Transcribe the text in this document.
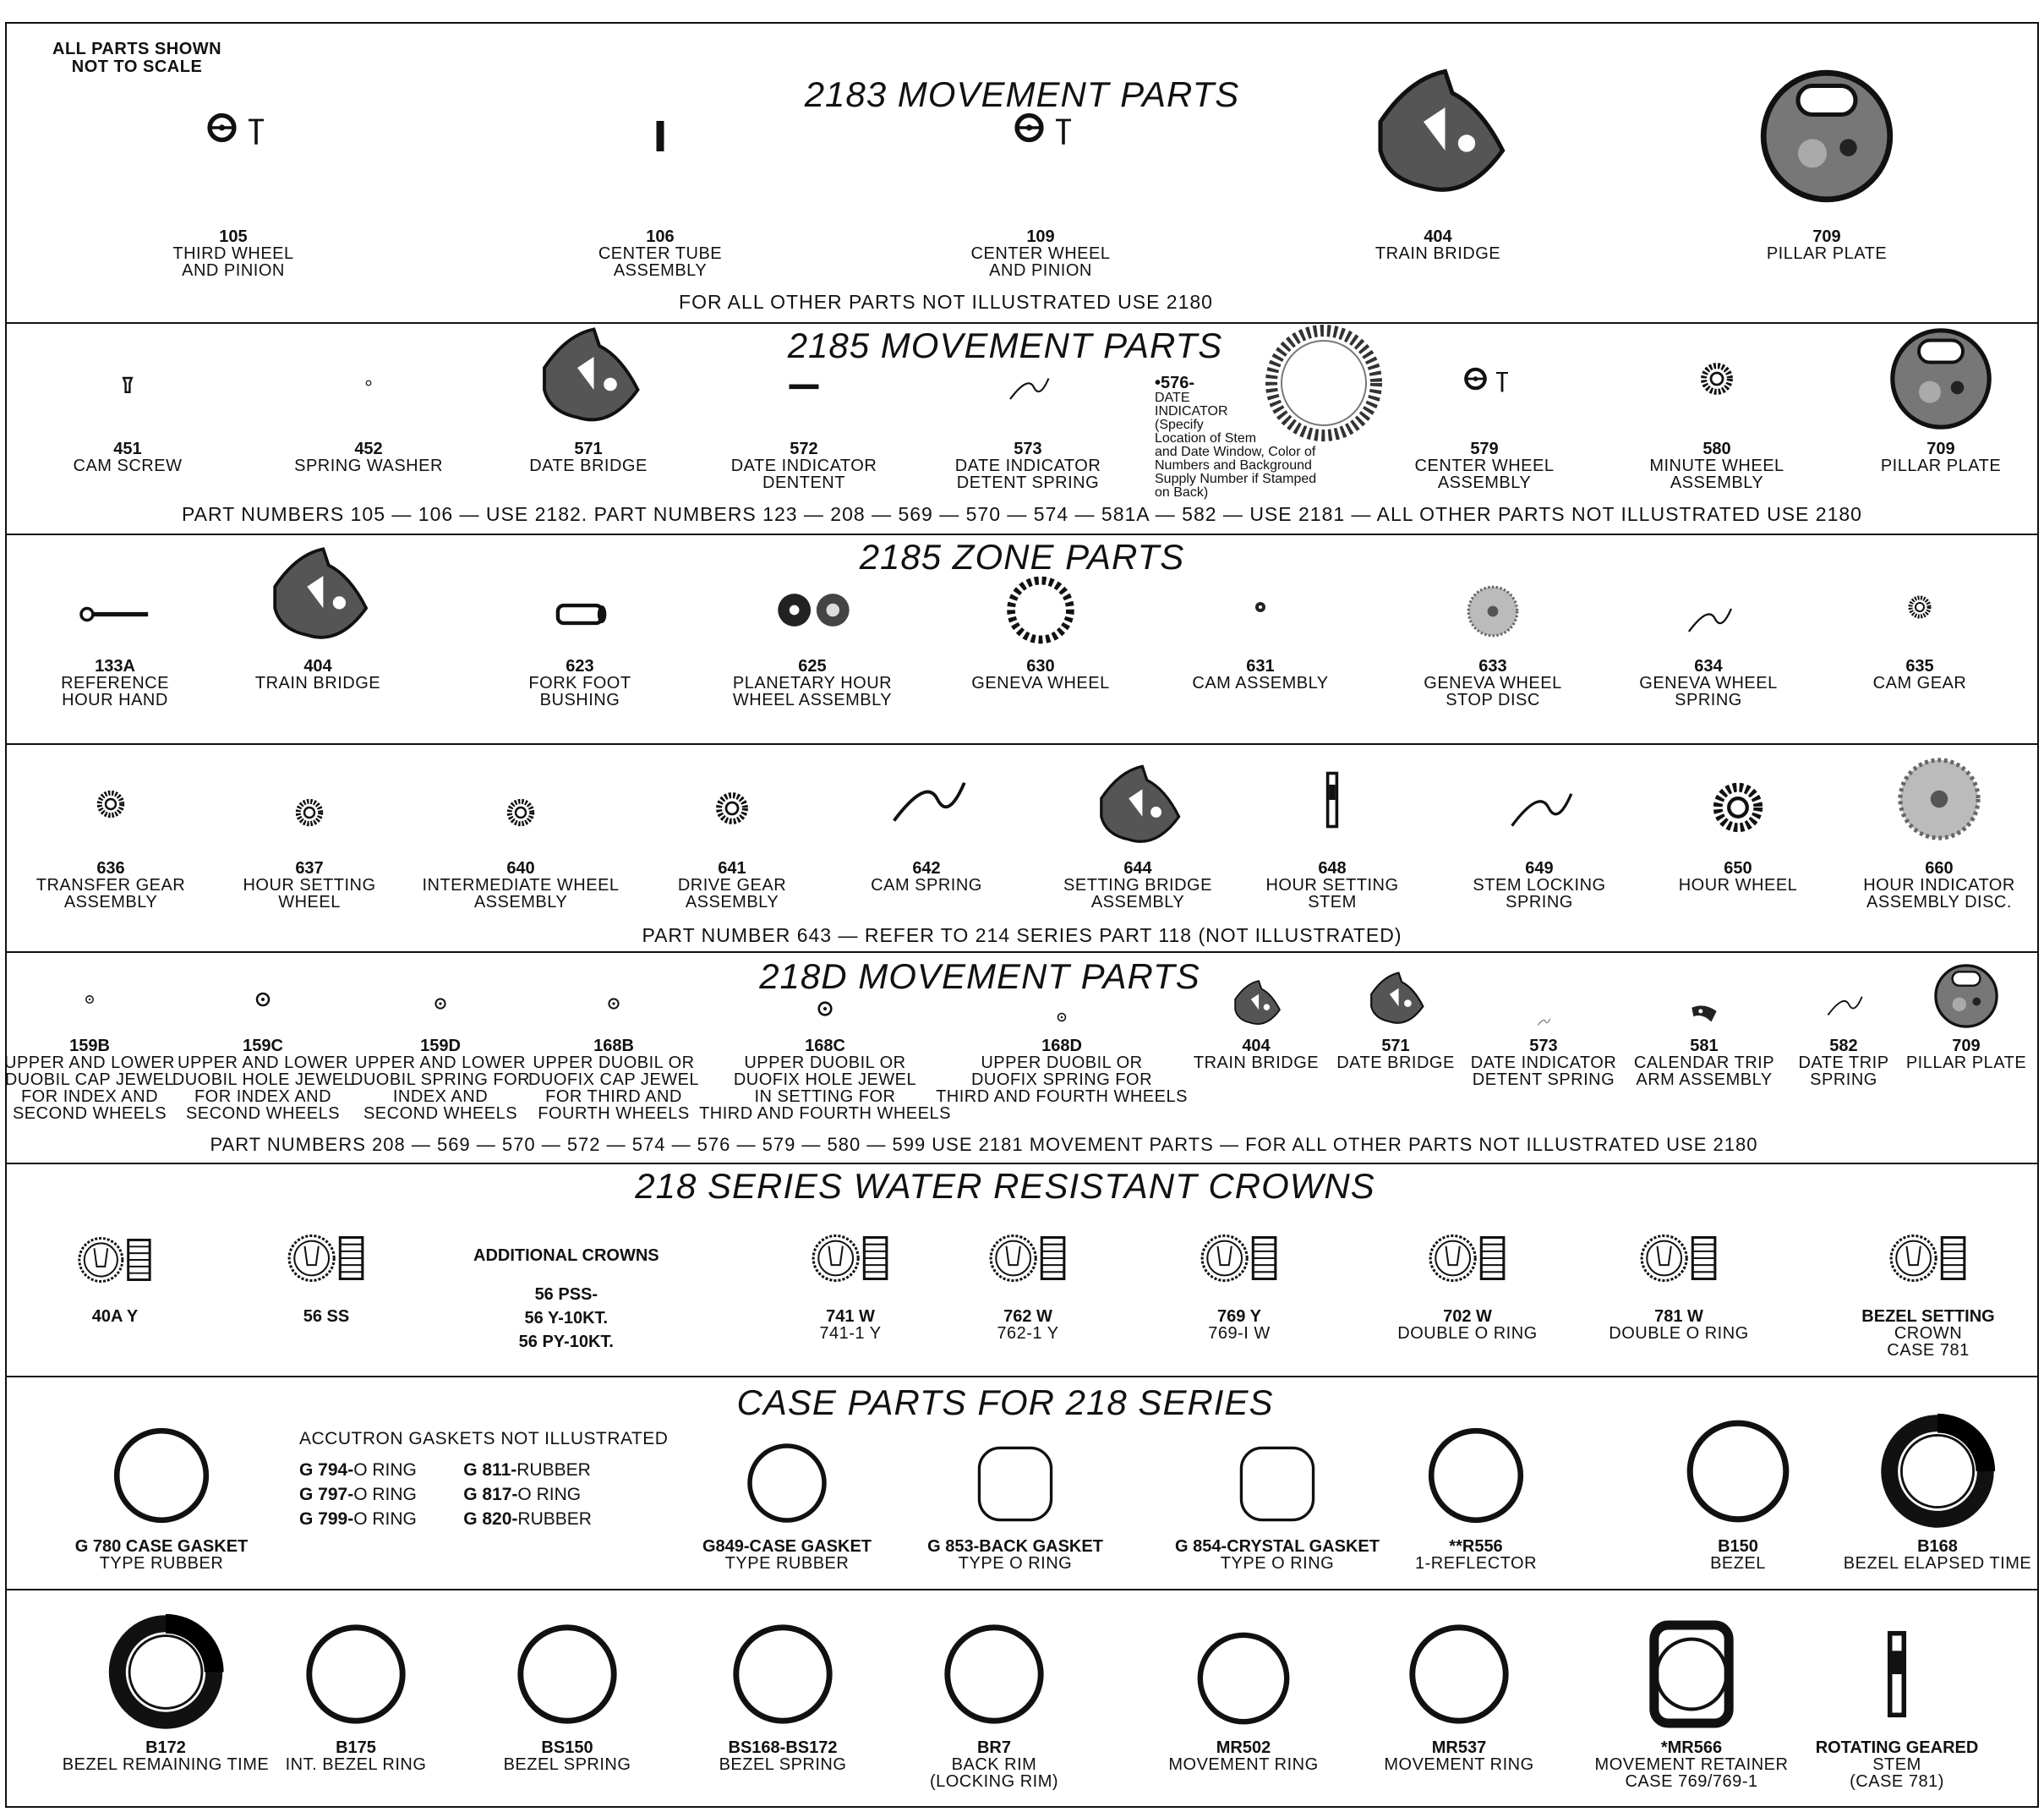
ALL PARTS SHOWN
NOT TO SCALE
2183 MOVEMENT PARTS
FOR ALL OTHER PARTS NOT ILLUSTRATED USE 2180
105
THIRD WHEEL
AND PINION
106
CENTER TUBE
ASSEMBLY
109
CENTER WHEEL
AND PINION
404
TRAIN BRIDGE
709
PILLAR PLATE
2185 MOVEMENT PARTS
•576-
DATE
INDICATOR
(Specify
Location of Stem
and Date Window, Color of
Numbers and Background
Supply Number if Stamped
on Back)
PART NUMBERS 105 — 106 — USE 2182. PART NUMBERS 123 — 208 — 569 — 570 — 574 — 581A — 582 — USE 2181 — ALL OTHER PARTS NOT ILLUSTRATED USE 2180
451
CAM SCREW
452
SPRING WASHER
571
DATE BRIDGE
572
DATE INDICATOR
DENTENT
573
DATE INDICATOR
DETENT SPRING
579
CENTER WHEEL
ASSEMBLY
580
MINUTE WHEEL
ASSEMBLY
709
PILLAR PLATE
2185 ZONE PARTS
133A
REFERENCE
HOUR HAND
404
TRAIN BRIDGE
623
FORK FOOT
BUSHING
625
PLANETARY HOUR
WHEEL ASSEMBLY
630
GENEVA WHEEL
631
CAM ASSEMBLY
633
GENEVA WHEEL
STOP DISC
634
GENEVA WHEEL
SPRING
635
CAM GEAR
PART NUMBER 643 — REFER TO 214 SERIES PART 118 (NOT ILLUSTRATED)
636
TRANSFER GEAR
ASSEMBLY
637
HOUR SETTING
WHEEL
640
INTERMEDIATE WHEEL
ASSEMBLY
641
DRIVE GEAR
ASSEMBLY
642
CAM SPRING
644
SETTING BRIDGE
ASSEMBLY
648
HOUR SETTING
STEM
649
STEM LOCKING
SPRING
650
HOUR WHEEL
660
HOUR INDICATOR
ASSEMBLY DISC.
218D MOVEMENT PARTS
PART NUMBERS 208 — 569 — 570 — 572 — 574 — 576 — 579 — 580 — 599 USE 2181 MOVEMENT PARTS — FOR ALL OTHER PARTS NOT ILLUSTRATED USE 2180
159B
UPPER AND LOWER
DUOBIL CAP JEWEL
FOR INDEX AND
SECOND WHEELS
159C
UPPER AND LOWER
DUOBIL HOLE JEWEL
FOR INDEX AND
SECOND WHEELS
159D
UPPER AND LOWER
DUOBIL SPRING FOR
INDEX AND
SECOND WHEELS
168B
UPPER DUOBIL OR
DUOFIX CAP JEWEL
FOR THIRD AND
FOURTH WHEELS
168C
UPPER DUOBIL OR
DUOFIX HOLE JEWEL
IN SETTING FOR
THIRD AND FOURTH WHEELS
168D
UPPER DUOBIL OR
DUOFIX SPRING FOR
THIRD AND FOURTH WHEELS
404
TRAIN BRIDGE
571
DATE BRIDGE
573
DATE INDICATOR
DETENT SPRING
581
CALENDAR TRIP
ARM ASSEMBLY
582
DATE TRIP
SPRING
709
PILLAR PLATE
218 SERIES WATER RESISTANT CROWNS
ADDITIONAL CROWNS
56 PSS-
56 Y-10KT.
56 PY-10KT.
40A Y	56 SS	741 W
741-1 Y
762 W
762-1 Y
769 Y
769-I W
702 W
DOUBLE O RING
781 W
DOUBLE O RING
BEZEL SETTING
CROWN
CASE 781
CASE PARTS FOR 218 SERIES
ACCUTRON GASKETS NOT ILLUSTRATED
G 794- O RING	G 811- RUBBER
G 797- O RING	G 817- O RING
G 799- O RING	G 820- RUBBER
G 780 CASE GASKET
TYPE RUBBER
G849-CASE GASKET
TYPE RUBBER
G 853-BACK GASKET
TYPE O RING
G 854-CRYSTAL GASKET
TYPE O RING
**R556
1-REFLECTOR
B150
BEZEL
B168
BEZEL ELAPSED TIME
B172
BEZEL REMAINING TIME
B175
INT. BEZEL RING
BS150
BEZEL SPRING
BS168-BS172
BEZEL SPRING
BR7
BACK RIM
(LOCKING RIM)
MR502
MOVEMENT RING
MR537
MOVEMENT RING
*MR566
MOVEMENT RETAINER
CASE 769/769-1
ROTATING GEARED
STEM
(CASE 781)
